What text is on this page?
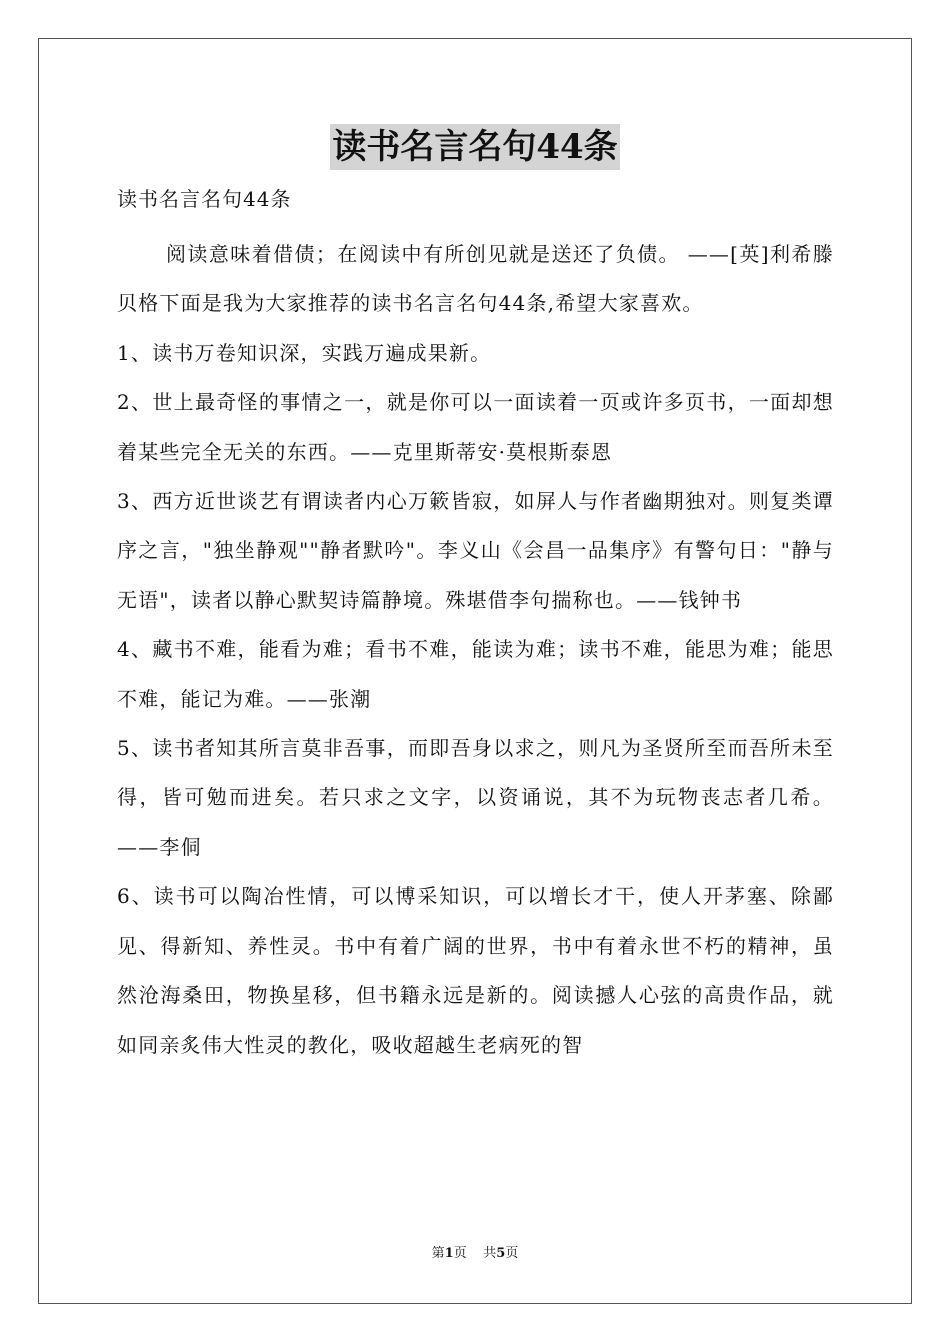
读书名言名句44条
读书名言名句44条

阅读意味着借债；在阅读中有所创见就是送还了负债。 ——[英]利希滕贝格下面是我为大家推荐的读书名言名句44条,希望大家喜欢。

1、读书万卷知识深，实践万遍成果新。

2、世上最奇怪的事情之一，就是你可以一面读着一页或许多页书，一面却想着某些完全无关的东西。——克里斯蒂安·莫根斯泰恩

3、西方近世谈艺有谓读者内心万簌皆寂，如屏人与作者幽期独对。则复类谭序之言，"独坐静观""静者默吟"。李义山《会昌一品集序》有警句日："静与无语"，读者以静心默契诗篇静境。殊堪借李句揣称也。——钱钟书

4、藏书不难，能看为难；看书不难，能读为难；读书不难，能思为难；能思不难，能记为难。——张潮

5、读书者知其所言莫非吾事，而即吾身以求之，则凡为圣贤所至而吾所未至得，皆可勉而进矣。若只求之文字，以资诵说，其不为玩物丧志者几希。——李侗

6、读书可以陶冶性情，可以博采知识，可以增长才干，使人开茅塞、除鄙见、得新知、养性灵。书中有着广阔的世界，书中有着永世不朽的精神，虽然沧海桑田，物换星移，但书籍永远是新的。阅读撼人心弦的高贵作品，就如同亲炙伟大性灵的教化，吸收超越生老病死的智

第1页 共5页
